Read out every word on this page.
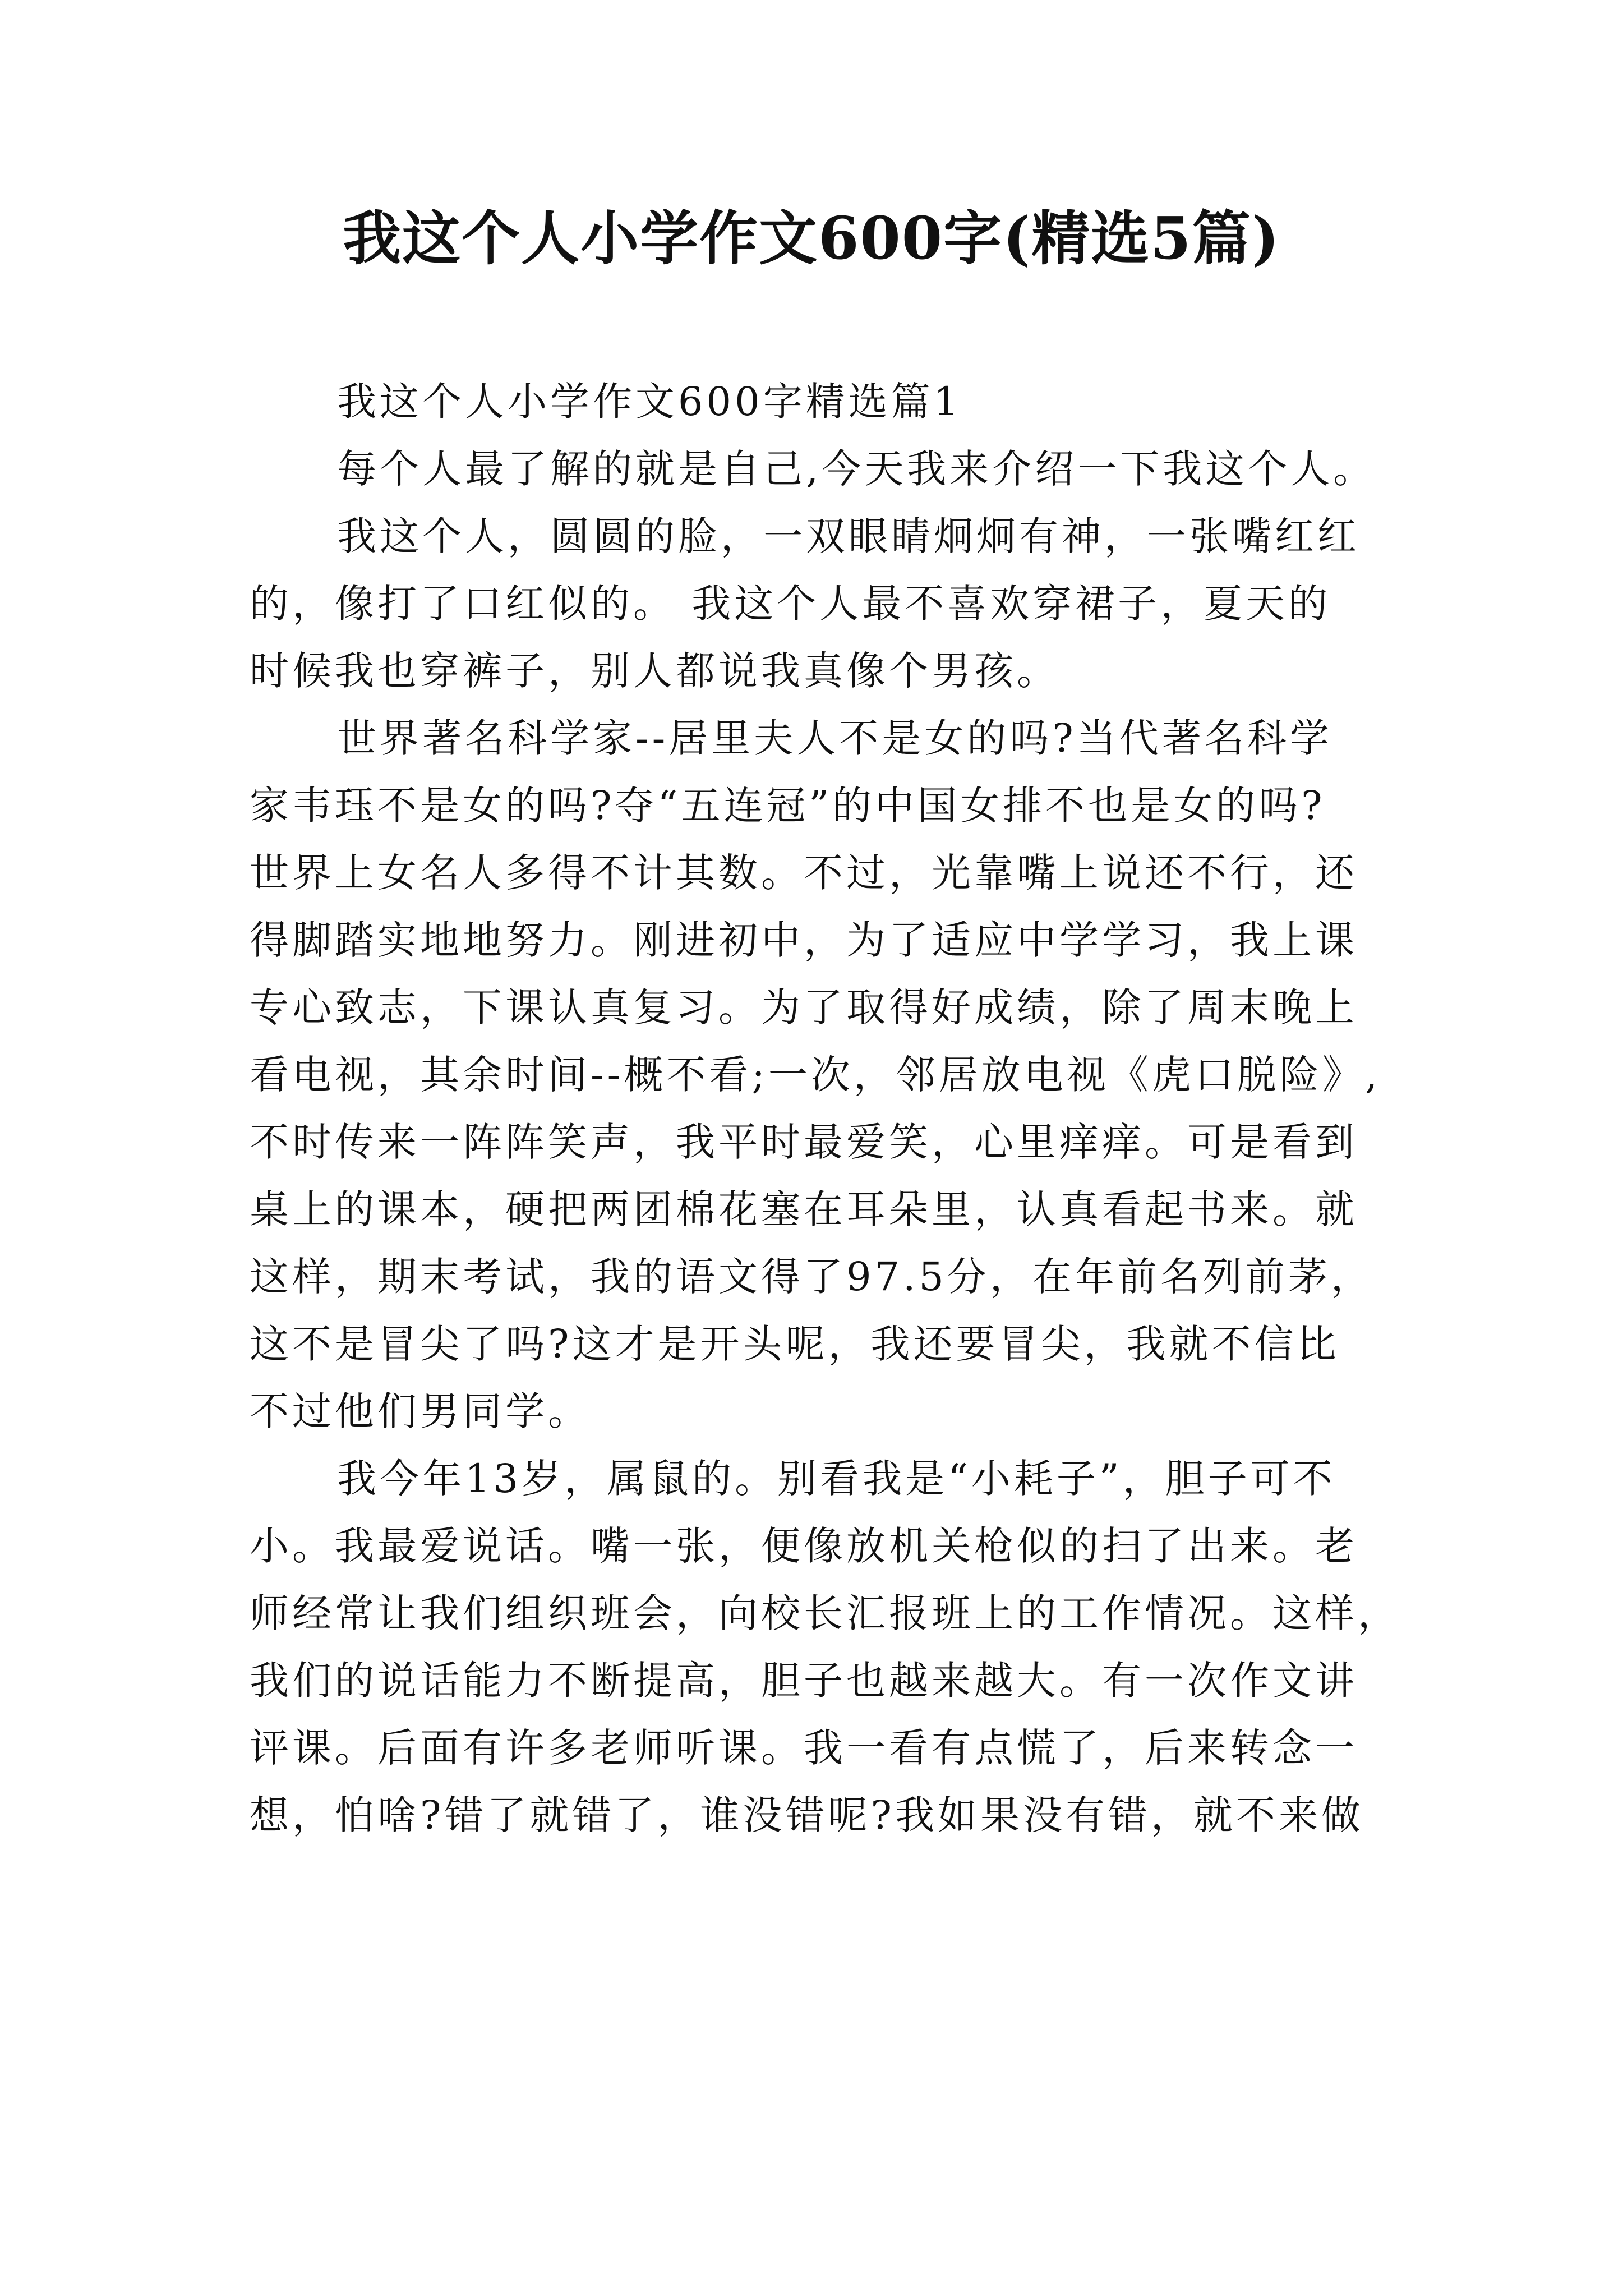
我这个人小学作文600字(精选5篇)
我这个人小学作文600字精选篇1
每个人最了解的就是自己,今天我来介绍一下我这个人。
我这个人，圆圆的脸，一双眼睛炯炯有神，一张嘴红红
的，像打了口红似的。 我这个人最不喜欢穿裙子，夏天的
时候我也穿裤子，别人都说我真像个男孩。
世界著名科学家--居里夫人不是女的吗?当代著名科学
家韦珏不是女的吗?夺“五连冠”的中国女排不也是女的吗?
世界上女名人多得不计其数。不过，光靠嘴上说还不行，还
得脚踏实地地努力。刚进初中，为了适应中学学习，我上课
专心致志，下课认真复习。为了取得好成绩，除了周末晚上
看电视，其余时间--概不看;一次，邻居放电视《虎口脱险》,
不时传来一阵阵笑声，我平时最爱笑，心里痒痒。可是看到
桌上的课本，硬把两团棉花塞在耳朵里，认真看起书来。就
这样，期末考试，我的语文得了97.5分，在年前名列前茅，
这不是冒尖了吗?这才是开头呢，我还要冒尖，我就不信比
不过他们男同学。
我今年13岁，属鼠的。别看我是“小耗子”，胆子可不
小。我最爱说话。嘴一张，便像放机关枪似的扫了出来。老
师经常让我们组织班会，向校长汇报班上的工作情况。这样，
我们的说话能力不断提高，胆子也越来越大。有一次作文讲
评课。后面有许多老师听课。我一看有点慌了，后来转念一
想，怕啥?错了就错了，谁没错呢?我如果没有错，就不来做
